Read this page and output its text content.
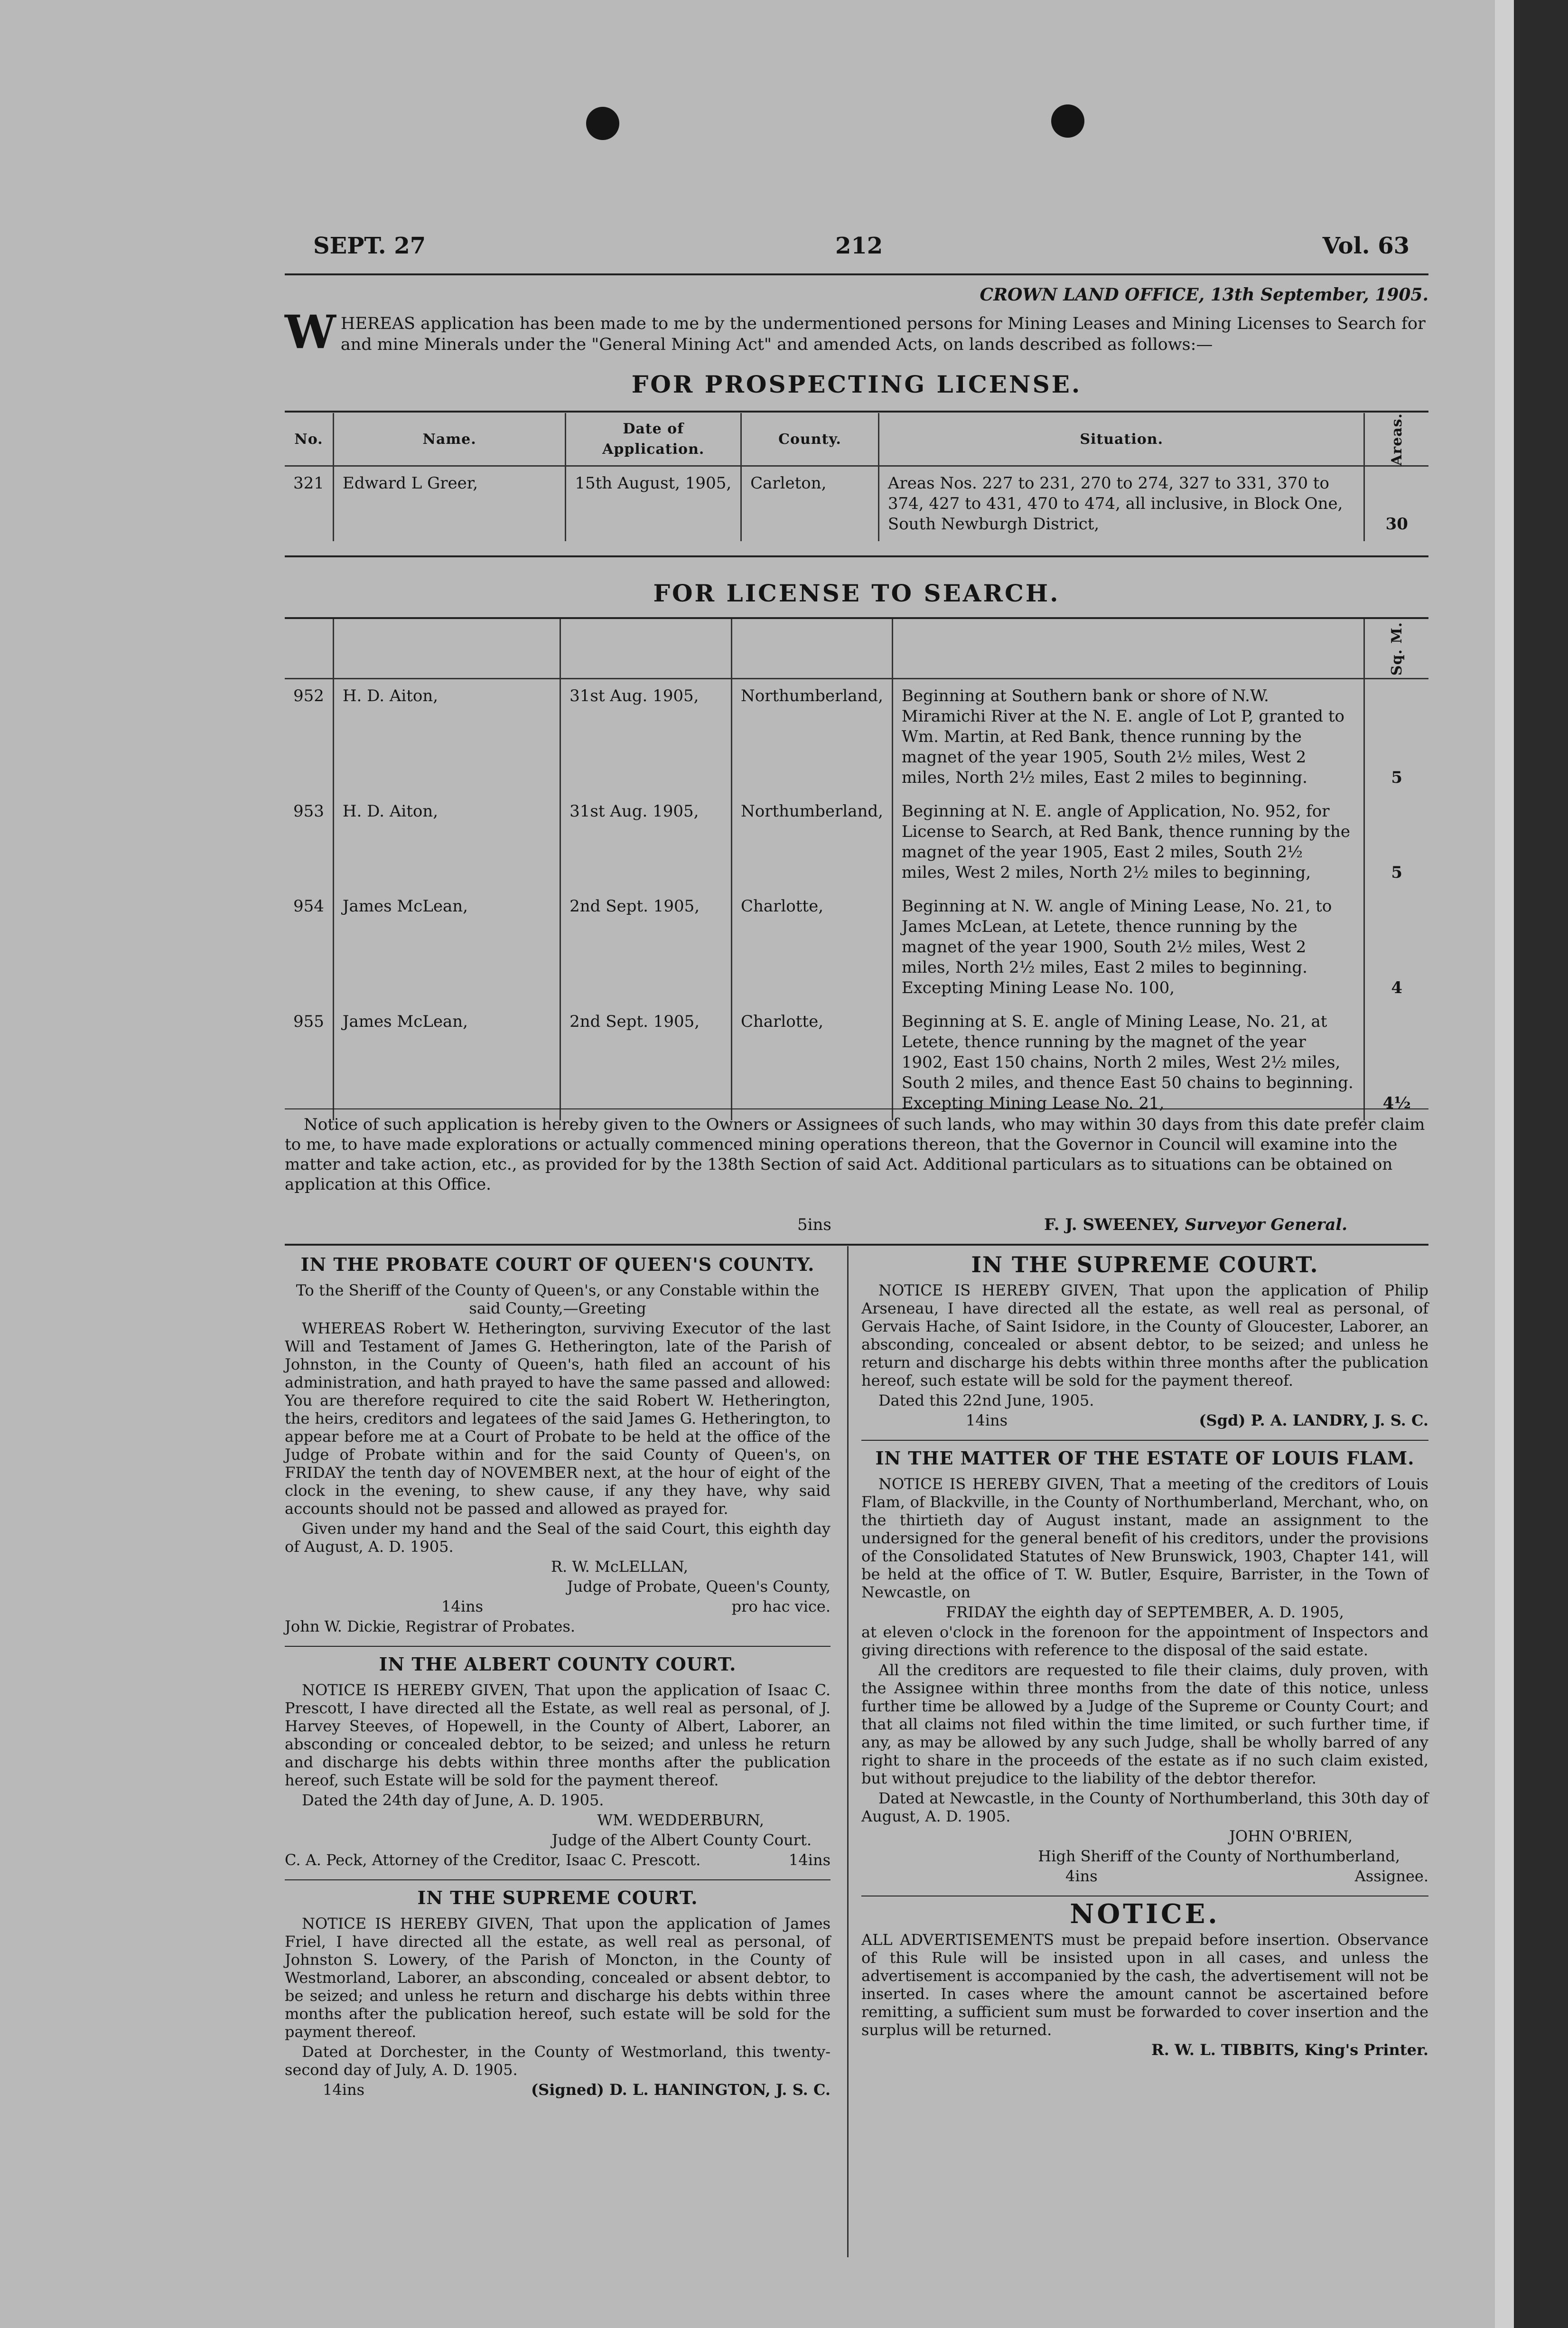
SEPT. 27	212	Vol. 63
CROWN LAND OFFICE, 13th September, 1905.
W HEREAS application has been made to me by the undermentioned persons for Mining Leases and Mining Licenses to Search for and mine Minerals under the "General Mining Act" and amended Acts, on lands described as follows:—
FOR PROSPECTING LICENSE.
No.	Name.	Date of Application.	County.	Situation.	Areas.
321	Edward L Greer,	15th August, 1905,	Carleton,	Areas Nos. 227 to 231, 270 to 274, 327 to 331, 370 to 374, 427 to 431, 470 to 474, all inclusive, in Block One, South Newburgh District,	30
FOR LICENSE TO SEARCH.
					Sq. M.
952	H. D. Aiton,	31st Aug. 1905,	Northumberland,	Beginning at Southern bank or shore of N.W. Miramichi River at the N. E. angle of Lot P, granted to Wm. Martin, at Red Bank, thence running by the magnet of the year 1905, South 2½ miles, West 2 miles, North 2½ miles, East 2 miles to beginning.	5
953	H. D. Aiton,	31st Aug. 1905,	Northumberland,	Beginning at N. E. angle of Application, No. 952, for License to Search, at Red Bank, thence running by the magnet of the year 1905, East 2 miles, South 2½ miles, West 2 miles, North 2½ miles to beginning,	5
954	James McLean,	2nd Sept. 1905,	Charlotte,	Beginning at N. W. angle of Mining Lease, No. 21, to James McLean, at Letete, thence running by the magnet of the year 1900, South 2½ miles, West 2 miles, North 2½ miles, East 2 miles to beginning. Excepting Mining Lease No. 100,	4
955	James McLean,	2nd Sept. 1905,	Charlotte,	Beginning at S. E. angle of Mining Lease, No. 21, at Letete, thence running by the magnet of the year 1902, East 150 chains, North 2 miles, West 2½ miles, South 2 miles, and thence East 50 chains to beginning. Excepting Mining Lease No. 21,	4½
Notice of such application is hereby given to the Owners or Assignees of such lands, who may within 30 days from this date prefer claim to me, to have made explorations or actually commenced mining operations thereon, that the Governor in Council will examine into the matter and take action, etc., as provided for by the 138th Section of said Act. Additional particulars as to situations can be obtained on application at this Office.
5ins	F. J. SWEENEY, Surveyor General.
IN THE PROBATE COURT OF QUEEN'S COUNTY.

To the Sheriff of the County of Queen's, or any Constable within the said County,—Greeting

WHEREAS Robert W. Hetherington, surviving Executor of the last Will and Testament of James G. Hetherington, late of the Parish of Johnston, in the County of Queen's, hath filed an account of his administration, and hath prayed to have the same passed and allowed: You are therefore required to cite the said Robert W. Hetherington, the heirs, creditors and legatees of the said James G. Hetherington, to appear before me at a Court of Probate to be held at the office of the Judge of Probate within and for the said County of Queen's, on FRIDAY the tenth day of NOVEMBER next, at the hour of eight of the clock in the evening, to shew cause, if any they have, why said accounts should not be passed and allowed as prayed for.

Given under my hand and the Seal of the said Court, this eighth day of August, A. D. 1905.

R. W. McLELLAN,

Judge of Probate, Queen's County,

14ins	pro hac vice.

John W. Dickie, Registrar of Probates.

IN THE ALBERT COUNTY COURT.

NOTICE IS HEREBY GIVEN, That upon the application of Isaac C. Prescott, I have directed all the Estate, as well real as personal, of J. Harvey Steeves, of Hopewell, in the County of Albert, Laborer, an absconding or concealed debtor, to be seized; and unless he return and discharge his debts within three months after the publication hereof, such Estate will be sold for the payment thereof.

Dated the 24th day of June, A. D. 1905.

WM. WEDDERBURN,

Judge of the Albert County Court.

C. A. Peck, Attorney of the Creditor, Isaac C. Prescott.	14ins

IN THE SUPREME COURT.

NOTICE IS HEREBY GIVEN, That upon the application of James Friel, I have directed all the estate, as well real as personal, of Johnston S. Lowery, of the Parish of Moncton, in the County of Westmorland, Laborer, an absconding, concealed or absent debtor, to be seized; and unless he return and discharge his debts within three months after the publication hereof, such estate will be sold for the payment thereof.

Dated at Dorchester, in the County of Westmorland, this twenty-second day of July, A. D. 1905.

14ins	(Signed) D. L. HANINGTON, J. S. C.

IN THE SUPREME COURT.

NOTICE IS HEREBY GIVEN, That upon the application of Philip Arseneau, I have directed all the estate, as well real as personal, of Gervais Hache, of Saint Isidore, in the County of Gloucester, Laborer, an absconding, concealed or absent debtor, to be seized; and unless he return and discharge his debts within three months after the publication hereof, such estate will be sold for the payment thereof.

Dated this 22nd June, 1905.

14ins	(Sgd) P. A. LANDRY, J. S. C.

IN THE MATTER OF THE ESTATE OF LOUIS FLAM.

NOTICE IS HEREBY GIVEN, That a meeting of the creditors of Louis Flam, of Blackville, in the County of Northumberland, Merchant, who, on the thirtieth day of August instant, made an assignment to the undersigned for the general benefit of his creditors, under the provisions of the Consolidated Statutes of New Brunswick, 1903, Chapter 141, will be held at the office of T. W. Butler, Esquire, Barrister, in the Town of Newcastle, on

FRIDAY the eighth day of SEPTEMBER, A. D. 1905,

at eleven o'clock in the forenoon for the appointment of Inspectors and giving directions with reference to the disposal of the said estate.

All the creditors are requested to file their claims, duly proven, with the Assignee within three months from the date of this notice, unless further time be allowed by a Judge of the Supreme or County Court; and that all claims not filed within the time limited, or such further time, if any, as may be allowed by any such Judge, shall be wholly barred of any right to share in the proceeds of the estate as if no such claim existed, but without prejudice to the liability of the debtor therefor.

Dated at Newcastle, in the County of Northumberland, this 30th day of August, A. D. 1905.

JOHN O'BRIEN,

High Sheriff of the County of Northumberland,

4ins	Assignee.

NOTICE.

ALL ADVERTISEMENTS must be prepaid before insertion. Observance of this Rule will be insisted upon in all cases, and unless the advertisement is accompanied by the cash, the advertisement will not be inserted. In cases where the amount cannot be ascertained before remitting, a sufficient sum must be forwarded to cover insertion and the surplus will be returned.

R. W. L. TIBBITS, King's Printer.
